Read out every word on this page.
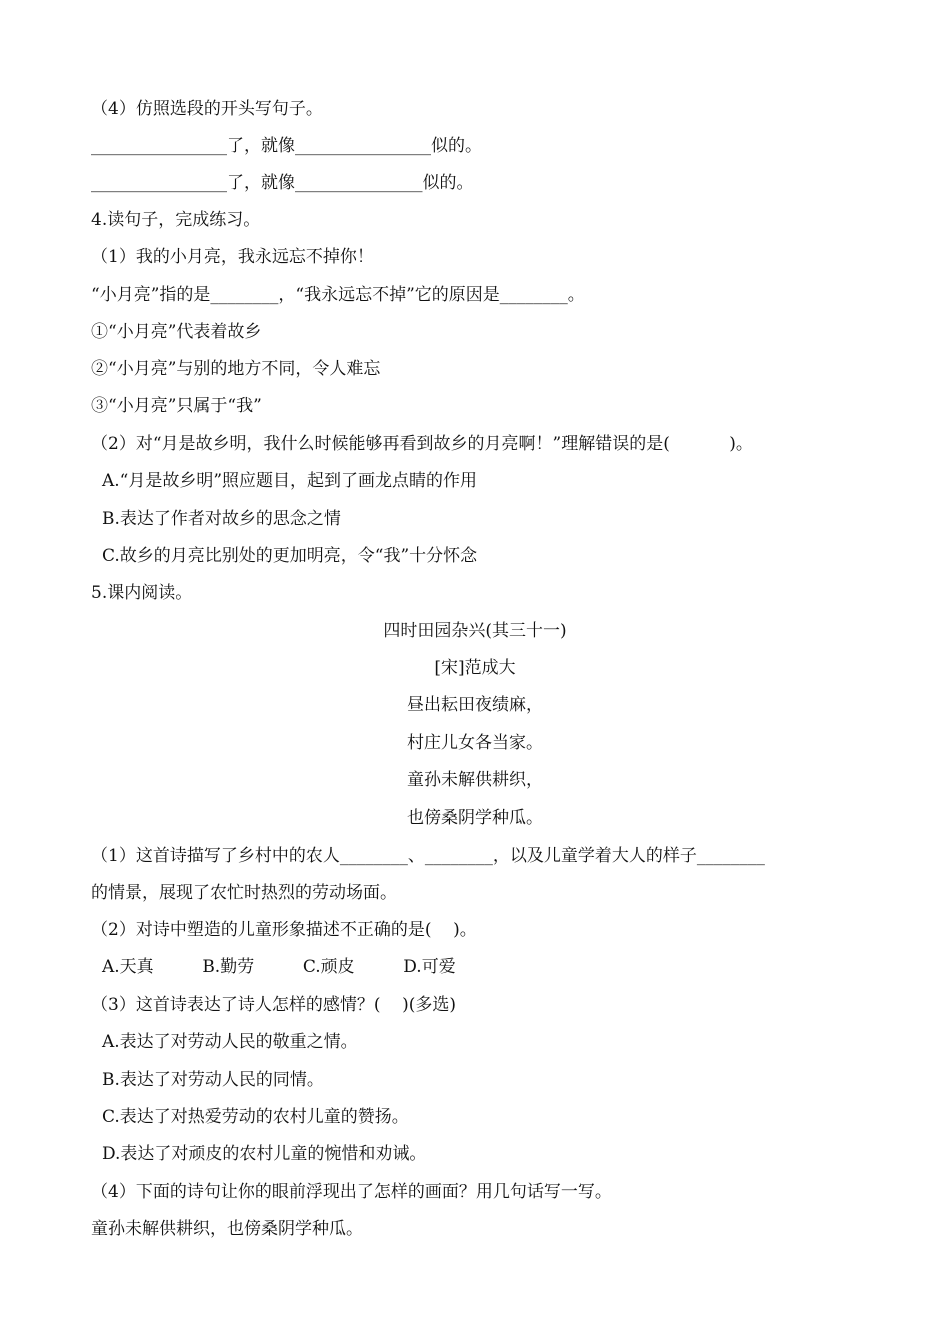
（4）仿照选段的开头写句子。
________________了，就像________________似的。
________________了，就像_______________似的。
4.读句子，完成练习。
（1）我的小月亮，我永远忘不掉你！
“小月亮”指的是________，“我永远忘不掉”它的原因是________。
①“小月亮”代表着故乡
②“小月亮”与别的地方不同，令人难忘
③“小月亮”只属于“我”
（2）对“月是故乡明，我什么时候能够再看到故乡的月亮啊！”理解错误的是(           )。
A.“月是故乡明”照应题目，起到了画龙点睛的作用
B.表达了作者对故乡的思念之情
C.故乡的月亮比别处的更加明亮，令“我”十分怀念
5.课内阅读。
四时田园杂兴(其三十一)
[宋]范成大
昼出耘田夜绩麻，
村庄儿女各当家。
童孙未解供耕织，
也傍桑阴学种瓜。
（1）这首诗描写了乡村中的农人________、________，以及儿童学着大人的样子________
的情景，展现了农忙时热烈的劳动场面。
（2）对诗中塑造的儿童形象描述不正确的是(    )。
A.天真         B.勤劳         C.顽皮         D.可爱
（3）这首诗表达了诗人怎样的感情？(    )(多选)
A.表达了对劳动人民的敬重之情。
B.表达了对劳动人民的同情。
C.表达了对热爱劳动的农村儿童的赞扬。
D.表达了对顽皮的农村儿童的惋惜和劝诫。
（4）下面的诗句让你的眼前浮现出了怎样的画面？用几句话写一写。
童孙未解供耕织，也傍桑阴学种瓜。
